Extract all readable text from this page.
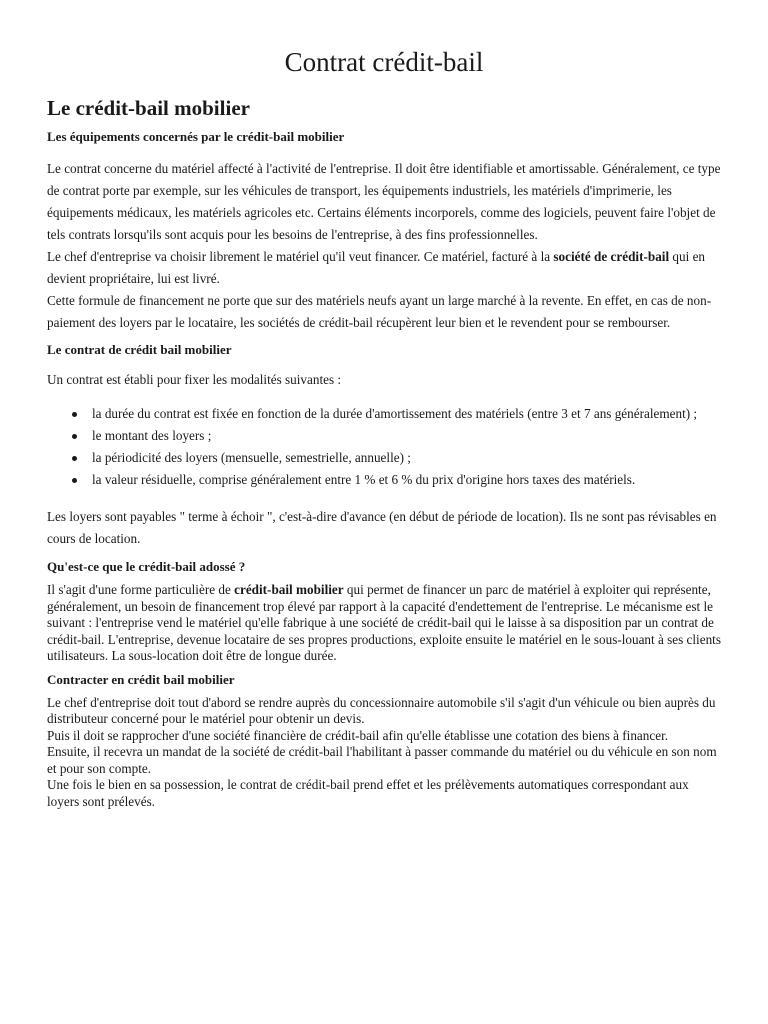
Contrat crédit-bail
Le crédit-bail mobilier
Les équipements concernés par le crédit-bail mobilier

Le contrat concerne du matériel affecté à l'activité de l'entreprise. Il doit être identifiable et amortissable. Généralement, ce type de contrat porte par exemple, sur les véhicules de transport, les équipements industriels, les matériels d'imprimerie, les équipements médicaux, les matériels agricoles etc. Certains éléments incorporels, comme des logiciels, peuvent faire l'objet de tels contrats lorsqu'ils sont acquis pour les besoins de l'entreprise, à des fins professionnelles.

Le chef d'entreprise va choisir librement le matériel qu'il veut financer. Ce matériel, facturé à la société de crédit-bail qui en devient propriétaire, lui est livré.

Cette formule de financement ne porte que sur des matériels neufs ayant un large marché à la revente. En effet, en cas de non-paiement des loyers par le locataire, les sociétés de crédit-bail récupèrent leur bien et le revendent pour se rembourser.

Le contrat de crédit bail mobilier

Un contrat est établi pour fixer les modalités suivantes :

la durée du contrat est fixée en fonction de la durée d'amortissement des matériels (entre 3 et 7 ans généralement) ;
le montant des loyers ;
la périodicité des loyers (mensuelle, semestrielle, annuelle) ;
la valeur résiduelle, comprise généralement entre 1 % et 6 % du prix d'origine hors taxes des matériels.

Les loyers sont payables " terme à échoir ", c'est-à-dire d'avance (en début de période de location). Ils ne sont pas révisables en cours de location.

Qu'est-ce que le crédit-bail adossé ?

Il s'agit d'une forme particulière de crédit-bail mobilier qui permet de financer un parc de matériel à exploiter qui représente, généralement, un besoin de financement trop élevé par rapport à la capacité d'endettement de l'entreprise. Le mécanisme est le suivant : l'entreprise vend le matériel qu'elle fabrique à une société de crédit-bail qui le laisse à sa disposition par un contrat de crédit-bail. L'entreprise, devenue locataire de ses propres productions, exploite ensuite le matériel en le sous-louant à ses clients utilisateurs. La sous-location doit être de longue durée.

Contracter en crédit bail mobilier

Le chef d'entreprise doit tout d'abord se rendre auprès du concessionnaire automobile s'il s'agit d'un véhicule ou bien auprès du distributeur concerné pour le matériel pour obtenir un devis.

Puis il doit se rapprocher d'une société financière de crédit-bail afin qu'elle établisse une cotation des biens à financer.

Ensuite, il recevra un mandat de la société de crédit-bail l'habilitant à passer commande du matériel ou du véhicule en son nom et pour son compte.

Une fois le bien en sa possession, le contrat de crédit-bail prend effet et les prélèvements automatiques correspondant aux loyers sont prélevés.
